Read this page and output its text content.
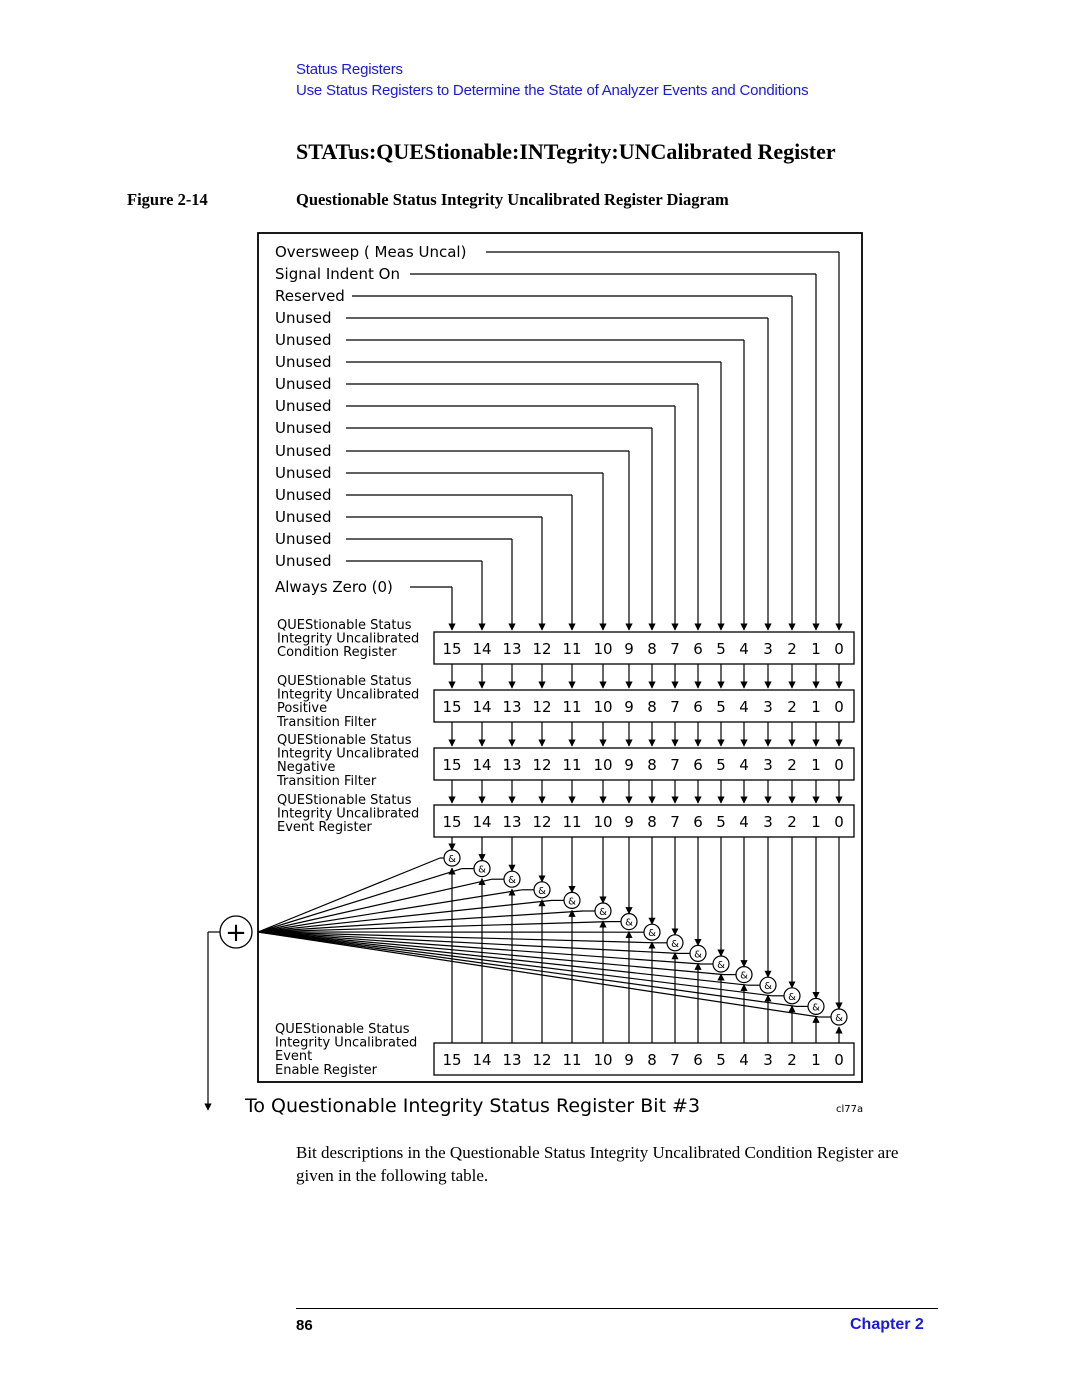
Status Registers
Use Status Registers to Determine the State of Analyzer Events and Conditions
STATus:QUEStionable:INTegrity:UNCalibrated Register
Figure 2-14	Questionable Status Integrity Uncalibrated Register Diagram
Oversweep ( Meas Uncal)
Signal Indent On
Reserved
Unused
Unused
Unused
Unused
Unused
Unused
Unused
Unused
Unused
Unused
Unused
Unused
Always Zero (0)
15 14 13 12 11 10 9 8 7 6 5 4 3 2 1 0
QUEStionable Status
Integrity Uncalibrated
Condition Register
15 14 13 12 11 10 9 8 7 6 5 4 3 2 1 0
QUEStionable Status
Integrity Uncalibrated
Positive
Transition Filter
15 14 13 12 11 10 9 8 7 6 5 4 3 2 1 0
QUEStionable Status
Integrity Uncalibrated
Negative
Transition Filter
15 14 13 12 11 10 9 8 7 6 5 4 3 2 1 0
QUEStionable Status
Integrity Uncalibrated
Event Register
15 14 13 12 11 10 9 8 7 6 5 4 3 2 1 0
QUEStionable Status
Integrity Uncalibrated
Event
Enable Register
&
&
&
&
&
&
&
&
&
&
&
&
&
&
&
&
+
To Questionable Integrity Status Register Bit #3	cl77a
Bit descriptions in the Questionable Status Integrity Uncalibrated Condition Register are given in the following table.
86	Chapter 2
